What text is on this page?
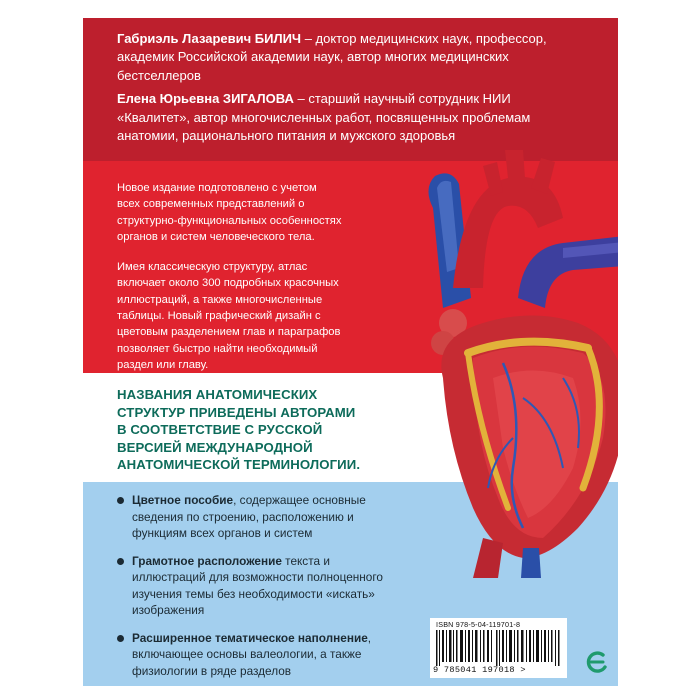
Габриэль Лазаревич БИЛИЧ – доктор медицинских наук, профессор, академик Российской академии наук, автор многих медицинских бестселлеров

Елена Юрьевна ЗИГАЛОВА – старший научный сотрудник НИИ «Квалитет», автор многочисленных работ, посвященных проблемам анатомии, рационального питания и мужского здоровья

Новое издание подготовлено с учетом всех современных представлений о структурно-функциональных особенностях органов и систем человеческого тела.

Имея классическую структуру, атлас включает около 300 подробных красочных иллюстраций, а также многочисленные таблицы. Новый графический дизайн с цветовым разделением глав и параграфов позволяет быстро найти необходимый раздел или главу.

НАЗВАНИЯ АНАТОМИЧЕСКИХ
СТРУКТУР ПРИВЕДЕНЫ АВТОРАМИ
В СООТВЕТСТВИЕ С РУССКОЙ
ВЕРСИЕЙ МЕЖДУНАРОДНОЙ
АНАТОМИЧЕСКОЙ ТЕРМИНОЛОГИИ.
Цветное пособие, содержащее основные сведения по строению, расположению и функциям всех органов и систем
Грамотное расположение текста и иллюстраций для возможности полноценного изучения темы без необходимости «искать» изображения
Расширенное тематическое наполнение, включающее основы валеологии, а также физиологии в ряде разделов
ISBN 978-5-04-119701-8
9 785041 197018 >
